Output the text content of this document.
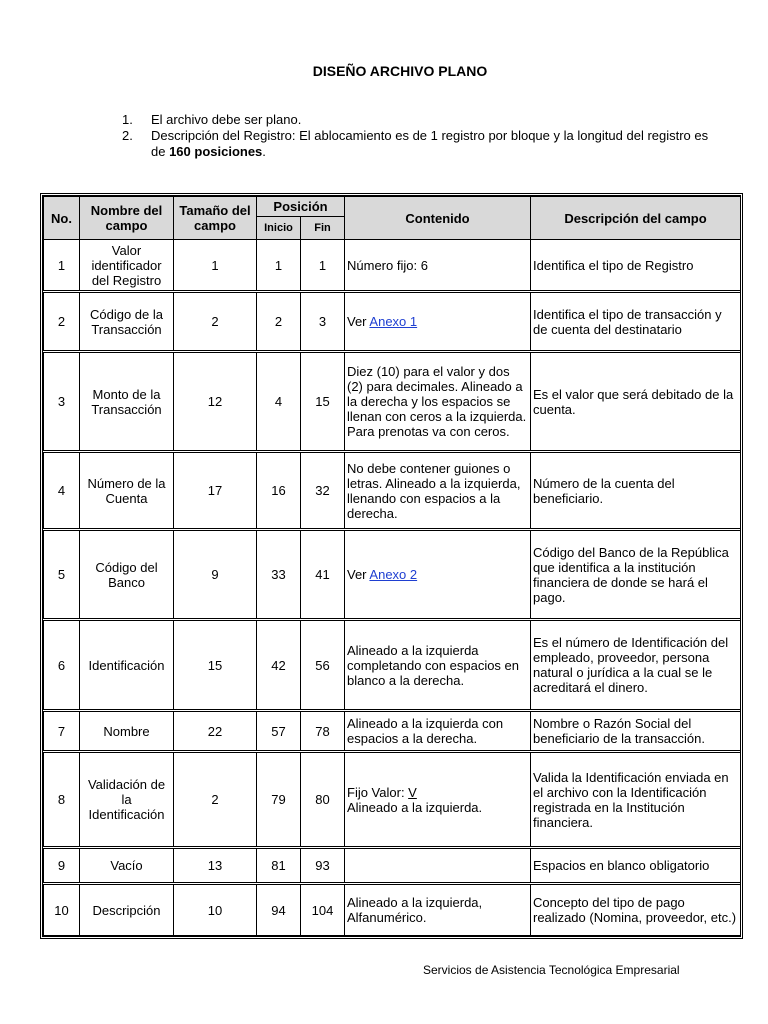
DISEÑO ARCHIVO PLANO
1.	El archivo debe ser plano.
2.	Descripción del Registro: El ablocamiento es de 1 registro por bloque y la longitud del registro es de 160 posiciones.
No.	Nombre del campo	Tamaño del campo	Posición		Contenido	Descripción del campo
			Inicio	Fin		
1	Valor identificador del Registro	1	1	1	Número fijo: 6	Identifica el tipo de Registro
2	Código de la Transacción	2	2	3	Ver Anexo 1	Identifica el tipo de transacción y de cuenta del destinatario
3	Monto de la Transacción	12	4	15	Diez (10) para el valor y dos (2) para decimales. Alineado a la derecha y los espacios se llenan con ceros a la izquierda. Para prenotas va con ceros.	Es el valor que será debitado de la cuenta.
4	Número de la Cuenta	17	16	32	No debe contener guiones o letras. Alineado a la izquierda, llenando con espacios a la derecha.	Número de la cuenta del beneficiario.
5	Código del Banco	9	33	41	Ver Anexo 2	Código del Banco de la República que identifica a la institución financiera de donde se hará el pago.
6	Identificación	15	42	56	Alineado a la izquierda completando con espacios en blanco a la derecha.	Es el número de Identificación del empleado, proveedor, persona natural o jurídica a la cual se le acreditará el dinero.
7	Nombre	22	57	78	Alineado a la izquierda con espacios a la derecha.	Nombre o Razón Social del beneficiario de la transacción.
8	Validación de la Identificación	2	79	80	Fijo Valor: V
Alineado a la izquierda.	Valida la Identificación enviada en el archivo con la Identificación registrada en la Institución financiera.
9	Vacío	13	81	93		Espacios en blanco obligatorio
10	Descripción	10	94	104	Alineado a la izquierda, Alfanumérico.	Concepto del tipo de pago realizado (Nomina, proveedor, etc.)
Servicios de Asistencia Tecnológica Empresarial
